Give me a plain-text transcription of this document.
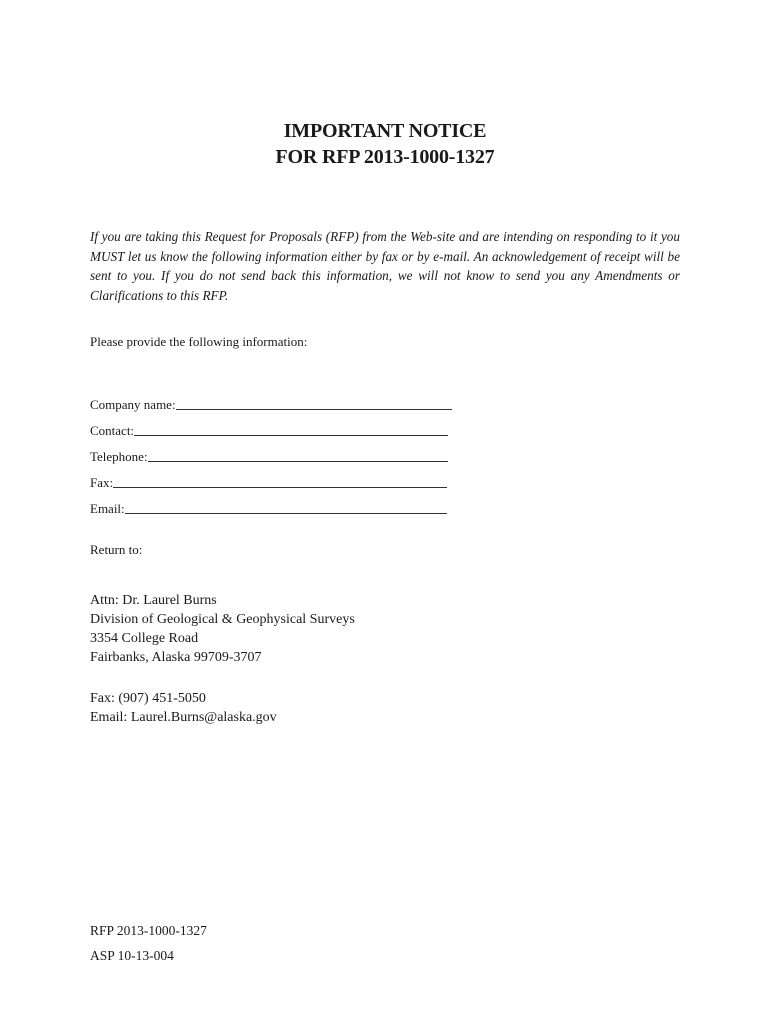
IMPORTANT NOTICE
FOR RFP 2013-1000-1327
If you are taking this Request for Proposals (RFP) from the Web-site and are intending on responding to it you MUST let us know the following information either by fax or by e-mail. An acknowledgement of receipt will be sent to you. If you do not send back this information, we will not know to send you any Amendments or Clarifications to this RFP.
Please provide the following information:
Company name:
Contact:
Telephone:
Fax:
Email:
Return to:
Attn: Dr. Laurel Burns
Division of Geological & Geophysical Surveys
3354 College Road
Fairbanks, Alaska 99709-3707
Fax: (907) 451-5050
Email: Laurel.Burns@alaska.gov
RFP 2013-1000-1327
ASP 10-13-004
